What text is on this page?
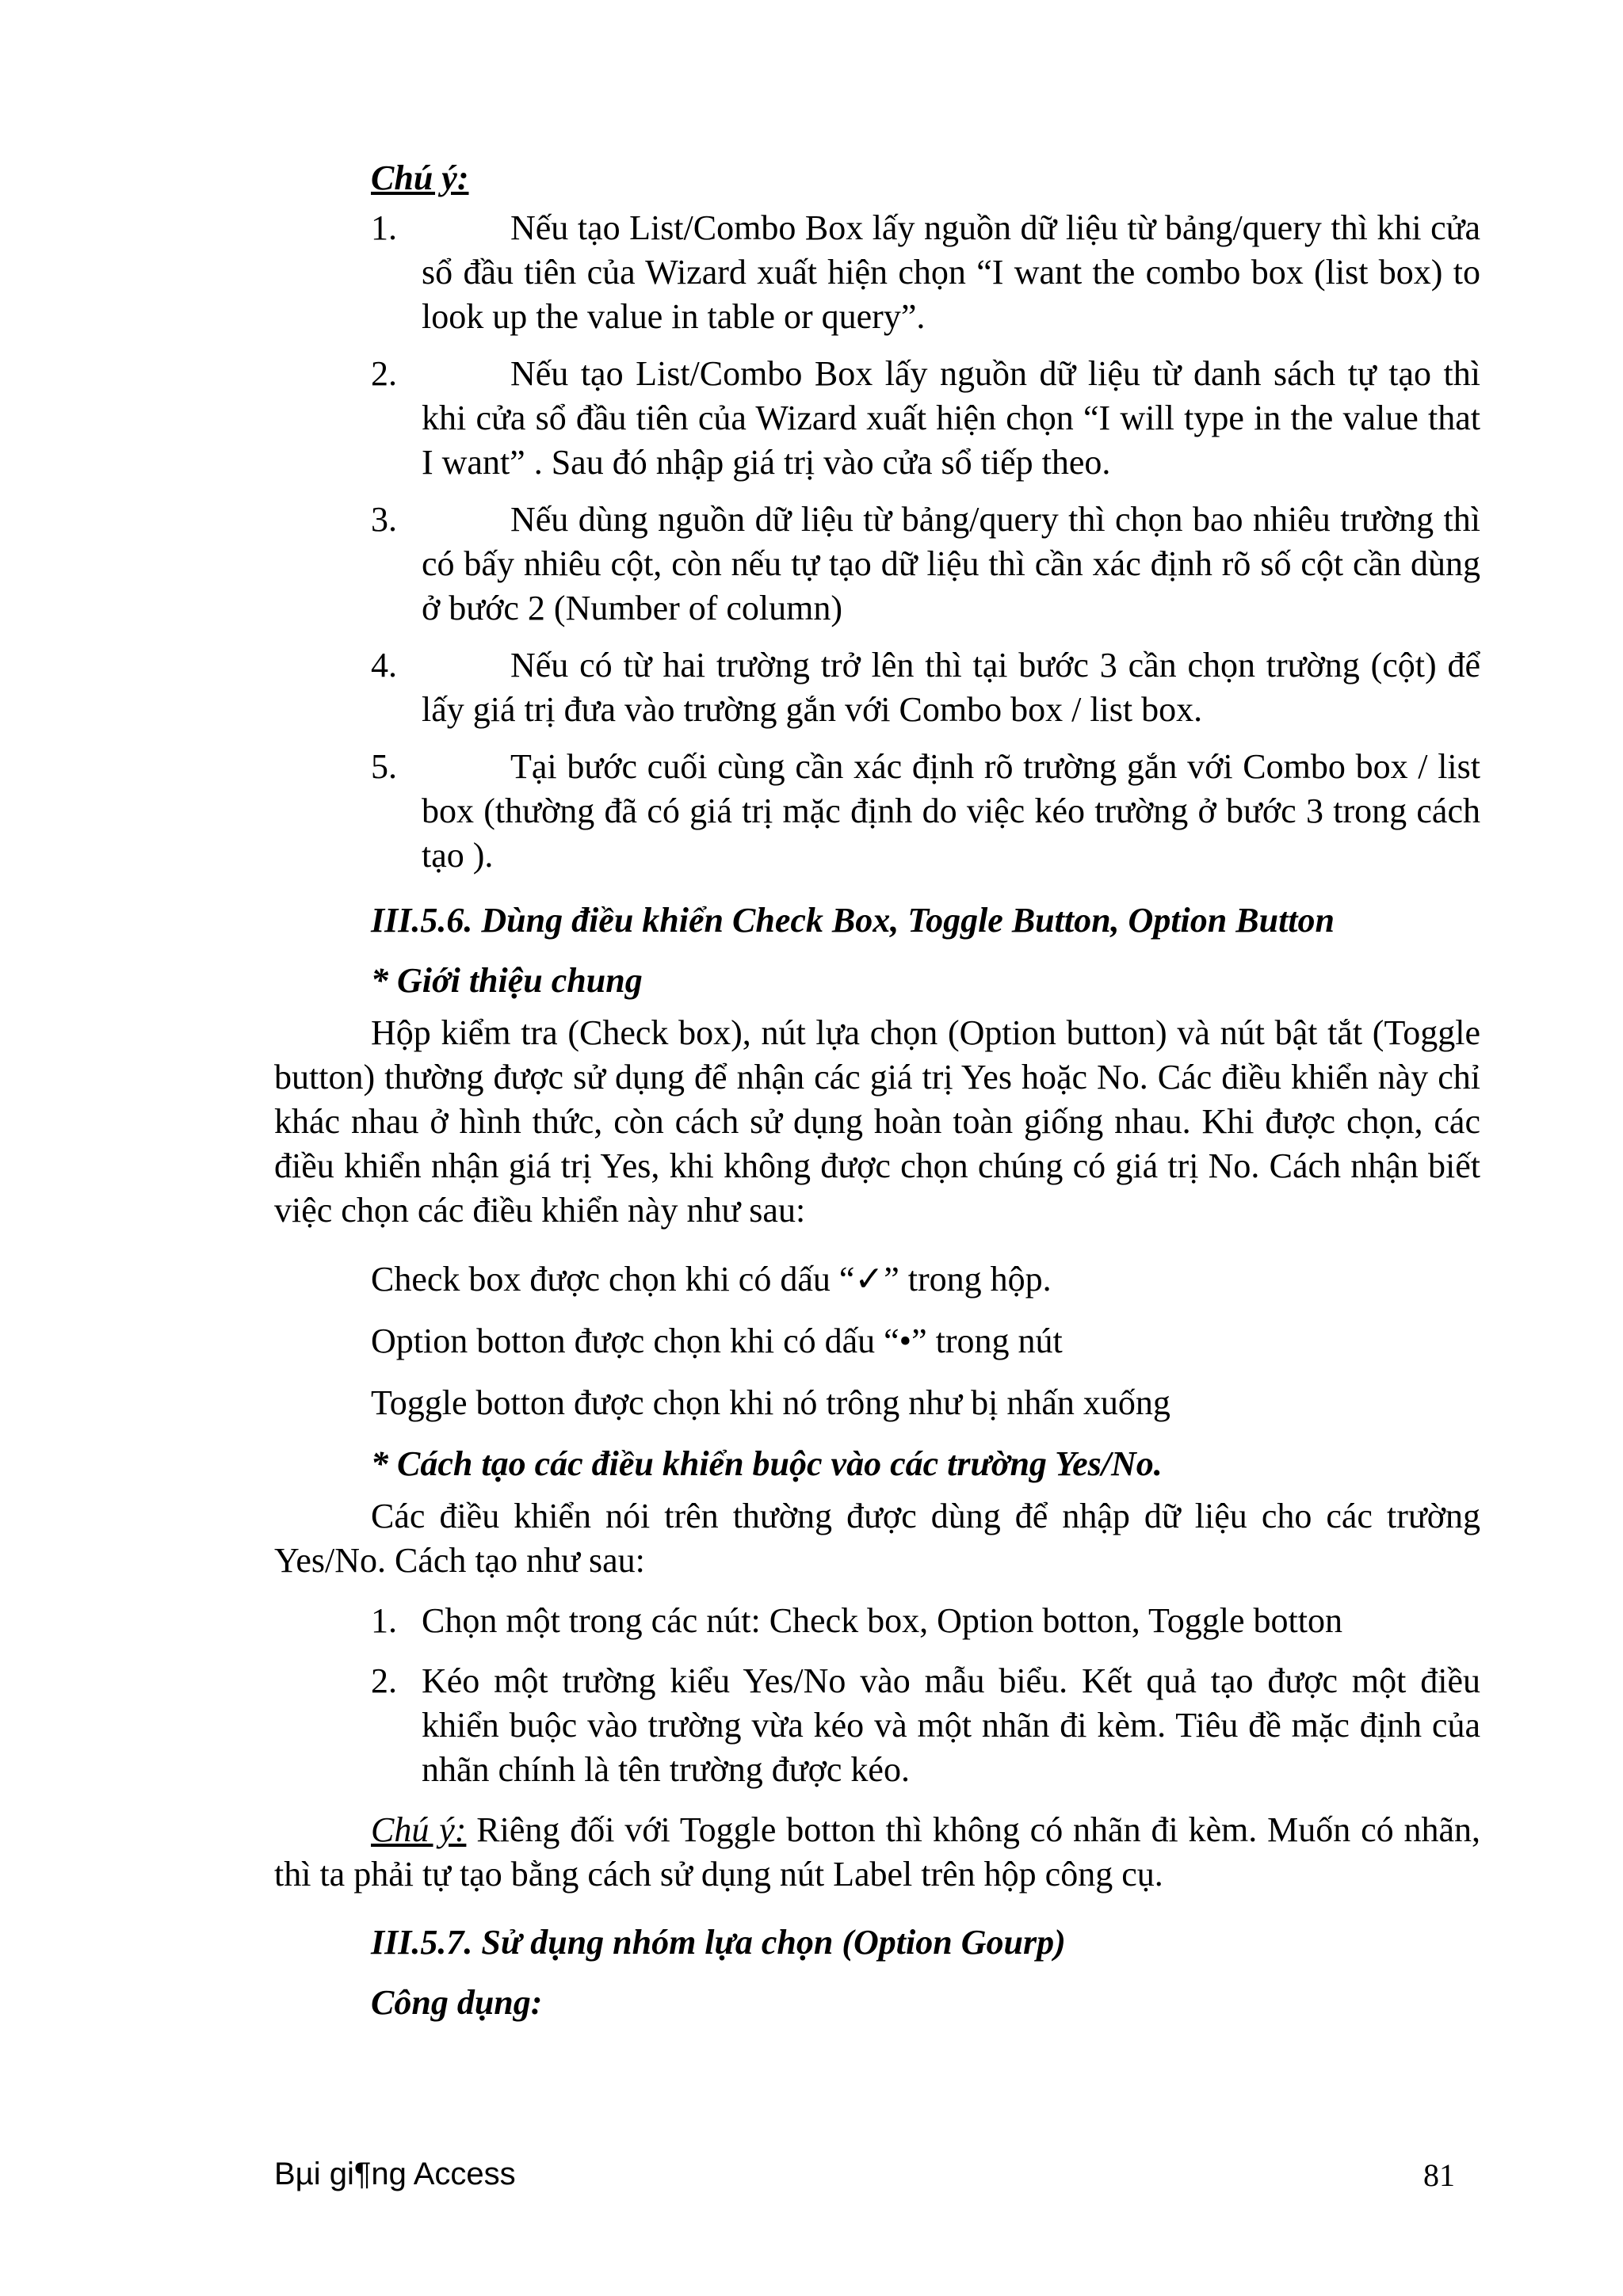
Chú ý:
1.	Nếu tạo List/Combo Box lấy nguồn dữ liệu từ bảng/query thì khi cửa sổ đầu tiên của Wizard xuất hiện chọn “I want the combo box (list box) to look up the value in table or query”.
2.	Nếu tạo List/Combo Box lấy nguồn dữ liệu từ danh sách tự tạo thì khi cửa sổ đầu tiên của Wizard xuất hiện chọn “I will type in the value that I want” . Sau đó nhập giá trị vào cửa sổ tiếp theo.
3.	Nếu dùng nguồn dữ liệu từ bảng/query thì chọn bao nhiêu trường thì có bấy nhiêu cột, còn nếu tự tạo dữ liệu thì cần xác định rõ số cột cần dùng ở bước 2 (Number of column)
4.	Nếu có từ hai trường trở lên thì tại bước 3 cần chọn trường (cột) để lấy giá trị đưa vào trường gắn với Combo box / list box.
5.	Tại bước cuối cùng cần xác định rõ trường gắn với Combo box / list box (thường đã có giá trị mặc định do việc kéo trường ở bước 3 trong cách tạo ).
III.5.6. Dùng điều khiển Check Box, Toggle Button, Option Button
* Giới thiệu chung
Hộp kiểm tra (Check box), nút lựa chọn (Option button) và nút bật tắt (Toggle button) thường được sử dụng để nhận các giá trị Yes hoặc No. Các điều khiển này chỉ khác nhau ở hình thức, còn cách sử dụng hoàn toàn giống nhau. Khi được chọn, các điều khiển nhận giá trị Yes, khi không được chọn chúng có giá trị No. Cách nhận biết việc chọn các điều khiển này như sau:
Check box được chọn khi có dấu “✓” trong hộp.
Option botton được chọn khi có dấu “•” trong nút
Toggle botton được chọn khi nó trông như bị nhấn xuống
* Cách tạo các điều khiển buộc vào các trường Yes/No.
Các điều khiển nói trên thường được dùng để nhập dữ liệu cho các trường Yes/No. Cách tạo như sau:
1. Chọn một trong các nút: Check box, Option botton, Toggle botton
2. Kéo một trường kiểu Yes/No vào mẫu biểu. Kết quả tạo được một điều khiển buộc vào trường vừa kéo và một nhãn đi kèm. Tiêu đề mặc định của nhãn chính là tên trường được kéo.
Chú ý: Riêng đối với Toggle botton thì không có nhãn đi kèm. Muốn có nhãn, thì ta phải tự tạo bằng cách sử dụng nút Label trên hộp công cụ.
III.5.7. Sử dụng nhóm lựa chọn (Option Gourp)
Công dụng:
Bµi gi¶ng Access	81
